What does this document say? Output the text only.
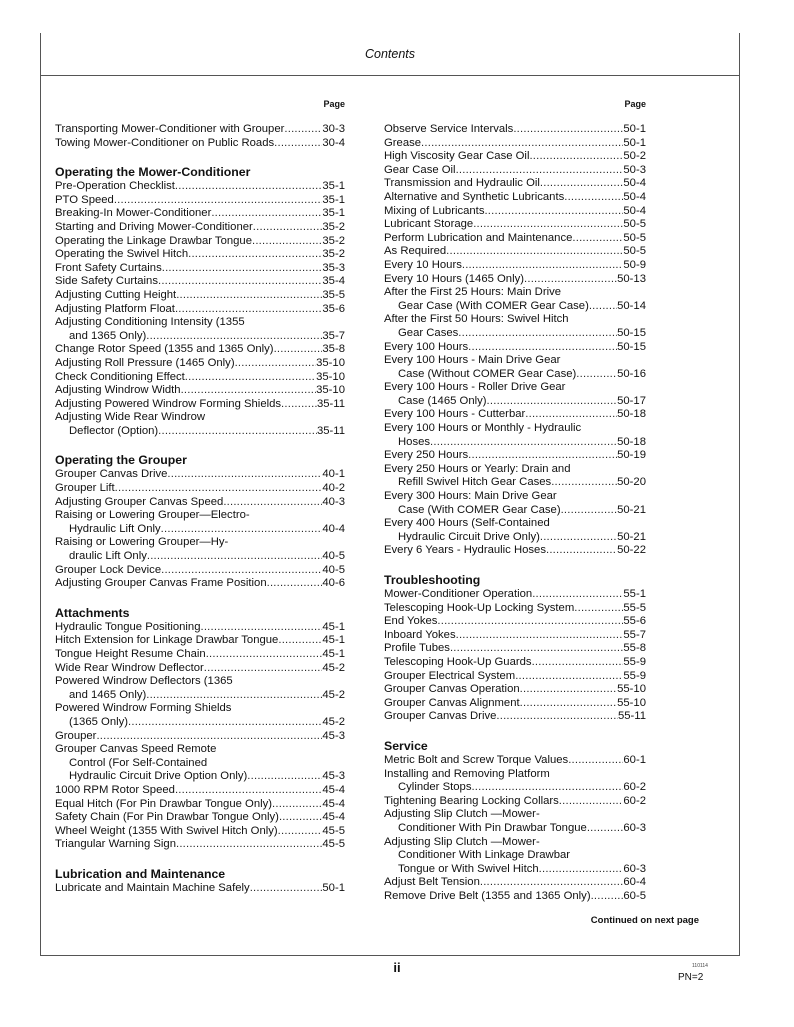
Contents
Page
Transporting Mower-Conditioner with Grouper .....	30-3
Towing Mower-Conditioner on Public Roads .....	30-4
Operating the Mower-Conditioner
Pre-Operation Checklist .....	35-1
PTO Speed .....	35-1
Breaking-In Mower-Conditioner .....	35-1
Starting and Driving Mower-Conditioner .....	35-2
Operating the Linkage Drawbar Tongue .....	35-2
Operating the Swivel Hitch .....	35-2
Front Safety Curtains .....	35-3
Side Safety Curtains .....	35-4
Adjusting Cutting Height .....	35-5
Adjusting Platform Float .....	35-6
Adjusting Conditioning Intensity (1355
and 1365 Only) .....	35-7
Change Rotor Speed (1355 and 1365 Only) .....	35-8
Adjusting Roll Pressure (1465 Only) .....	35-10
Check Conditioning Effect .....	35-10
Adjusting Windrow Width .....	35-10
Adjusting Powered Windrow Forming Shields .....	35-11
Adjusting Wide Rear Windrow
Deflector (Option) .....	35-11
Operating the Grouper
Grouper Canvas Drive .....	40-1
Grouper Lift .....	40-2
Adjusting Grouper Canvas Speed .....	40-3
Raising or Lowering Grouper—Electro-
Hydraulic Lift Only .....	40-4
Raising or Lowering Grouper—Hy-
draulic Lift Only .....	40-5
Grouper Lock Device .....	40-5
Adjusting Grouper Canvas Frame Position .....	40-6
Attachments
Hydraulic Tongue Positioning .....	45-1
Hitch Extension for Linkage Drawbar Tongue .....	45-1
Tongue Height Resume Chain .....	45-1
Wide Rear Windrow Deflector .....	45-2
Powered Windrow Deflectors (1365
and 1465 Only) .....	45-2
Powered Windrow Forming Shields
(1365 Only) .....	45-2
Grouper .....	45-3
Grouper Canvas Speed Remote
Control (For Self-Contained
Hydraulic Circuit Drive Option Only) .....	45-3
1000 RPM Rotor Speed .....	45-4
Equal Hitch (For Pin Drawbar Tongue Only) .....	45-4
Safety Chain (For Pin Drawbar Tongue Only) .....	45-4
Wheel Weight (1355 With Swivel Hitch Only) .....	45-5
Triangular Warning Sign .....	45-5
Lubrication and Maintenance
Lubricate and Maintain Machine Safely .....	50-1
Page
Observe Service Intervals .....	50-1
Grease .....	50-1
High Viscosity Gear Case Oil .....	50-2
Gear Case Oil .....	50-3
Transmission and Hydraulic Oil .....	50-4
Alternative and Synthetic Lubricants .....	50-4
Mixing of Lubricants .....	50-4
Lubricant Storage .....	50-5
Perform Lubrication and Maintenance .....	50-5
As Required .....	50-5
Every 10 Hours .....	50-9
Every 10 Hours (1465 Only) .....	50-13
After the First 25 Hours: Main Drive
Gear Case (With COMER Gear Case) .....	50-14
After the First 50 Hours: Swivel Hitch
Gear Cases .....	50-15
Every 100 Hours .....	50-15
Every 100 Hours - Main Drive Gear
Case (Without COMER Gear Case) .....	50-16
Every 100 Hours - Roller Drive Gear
Case (1465 Only) .....	50-17
Every 100 Hours - Cutterbar .....	50-18
Every 100 Hours or Monthly - Hydraulic
Hoses .....	50-18
Every 250 Hours .....	50-19
Every 250 Hours or Yearly: Drain and
Refill Swivel Hitch Gear Cases .....	50-20
Every 300 Hours: Main Drive Gear
Case (With COMER Gear Case) .....	50-21
Every 400 Hours (Self-Contained
Hydraulic Circuit Drive Only) .....	50-21
Every 6 Years - Hydraulic Hoses .....	50-22
Troubleshooting
Mower-Conditioner Operation .....	55-1
Telescoping Hook-Up Locking System .....	55-5
End Yokes .....	55-6
Inboard Yokes .....	55-7
Profile Tubes .....	55-8
Telescoping Hook-Up Guards .....	55-9
Grouper Electrical System .....	55-9
Grouper Canvas Operation .....	55-10
Grouper Canvas Alignment .....	55-10
Grouper Canvas Drive .....	55-11
Service
Metric Bolt and Screw Torque Values .....	60-1
Installing and Removing Platform
Cylinder Stops .....	60-2
Tightening Bearing Locking Collars .....	60-2
Adjusting Slip Clutch —Mower-
Conditioner With Pin Drawbar Tongue .....	60-3
Adjusting Slip Clutch —Mower-
Conditioner With Linkage Drawbar
Tongue or With Swivel Hitch .....	60-3
Adjust Belt Tension .....	60-4
Remove Drive Belt (1355 and 1365 Only) .....	60-5
Continued on next page
ii	110114
PN=2
